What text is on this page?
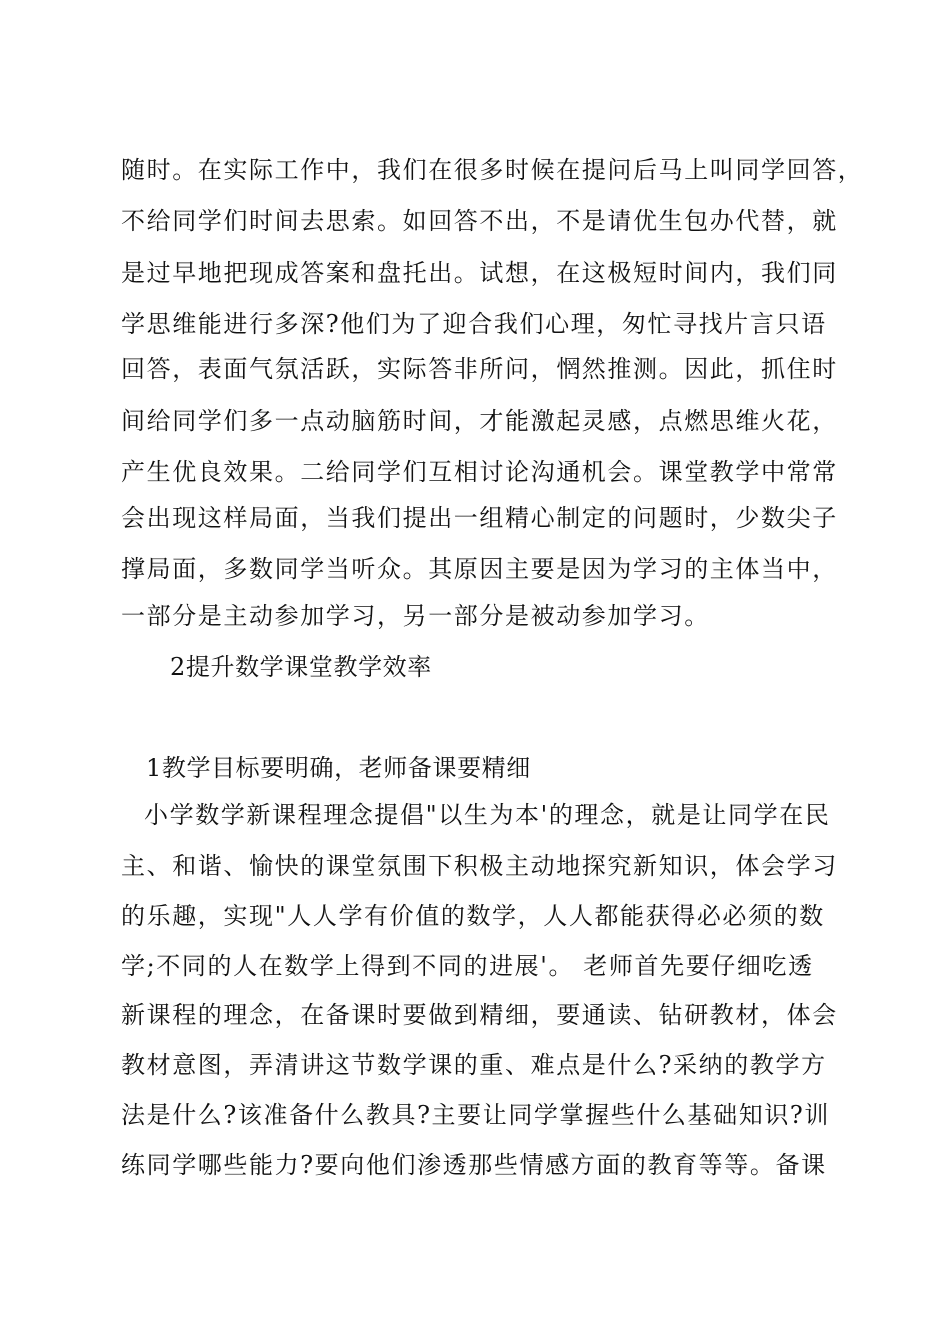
随时。在实际工作中，我们在很多时候在提问后马上叫同学回答，
不给同学们时间去思索。如回答不出，不是请优生包办代替，就
是过早地把现成答案和盘托出。试想，在这极短时间内，我们同
学思维能进行多深?他们为了迎合我们心理，匆忙寻找片言只语
回答，表面气氛活跃，实际答非所问，惘然推测。因此，抓住时
间给同学们多一点动脑筋时间，才能激起灵感，点燃思维火花，
产生优良效果。二给同学们互相讨论沟通机会。课堂教学中常常
会出现这样局面，当我们提出一组精心制定的问题时，少数尖子
撑局面，多数同学当听众。其原因主要是因为学习的主体当中，
一部分是主动参加学习，另一部分是被动参加学习。
2提升数学课堂教学效率
1教学目标要明确，老师备课要精细
小学数学新课程理念提倡"以生为本'的理念，就是让同学在民
主、和谐、愉快的课堂氛围下积极主动地探究新知识，体会学习
的乐趣，实现"人人学有价值的数学，人人都能获得必必须的数
学;不同的人在数学上得到不同的进展'。 老师首先要仔细吃透
新课程的理念，在备课时要做到精细，要通读、钻研教材，体会
教材意图，弄清讲这节数学课的重、难点是什么?采纳的教学方
法是什么?该准备什么教具?主要让同学掌握些什么基础知识?训
练同学哪些能力?要向他们渗透那些情感方面的教育等等。备课
